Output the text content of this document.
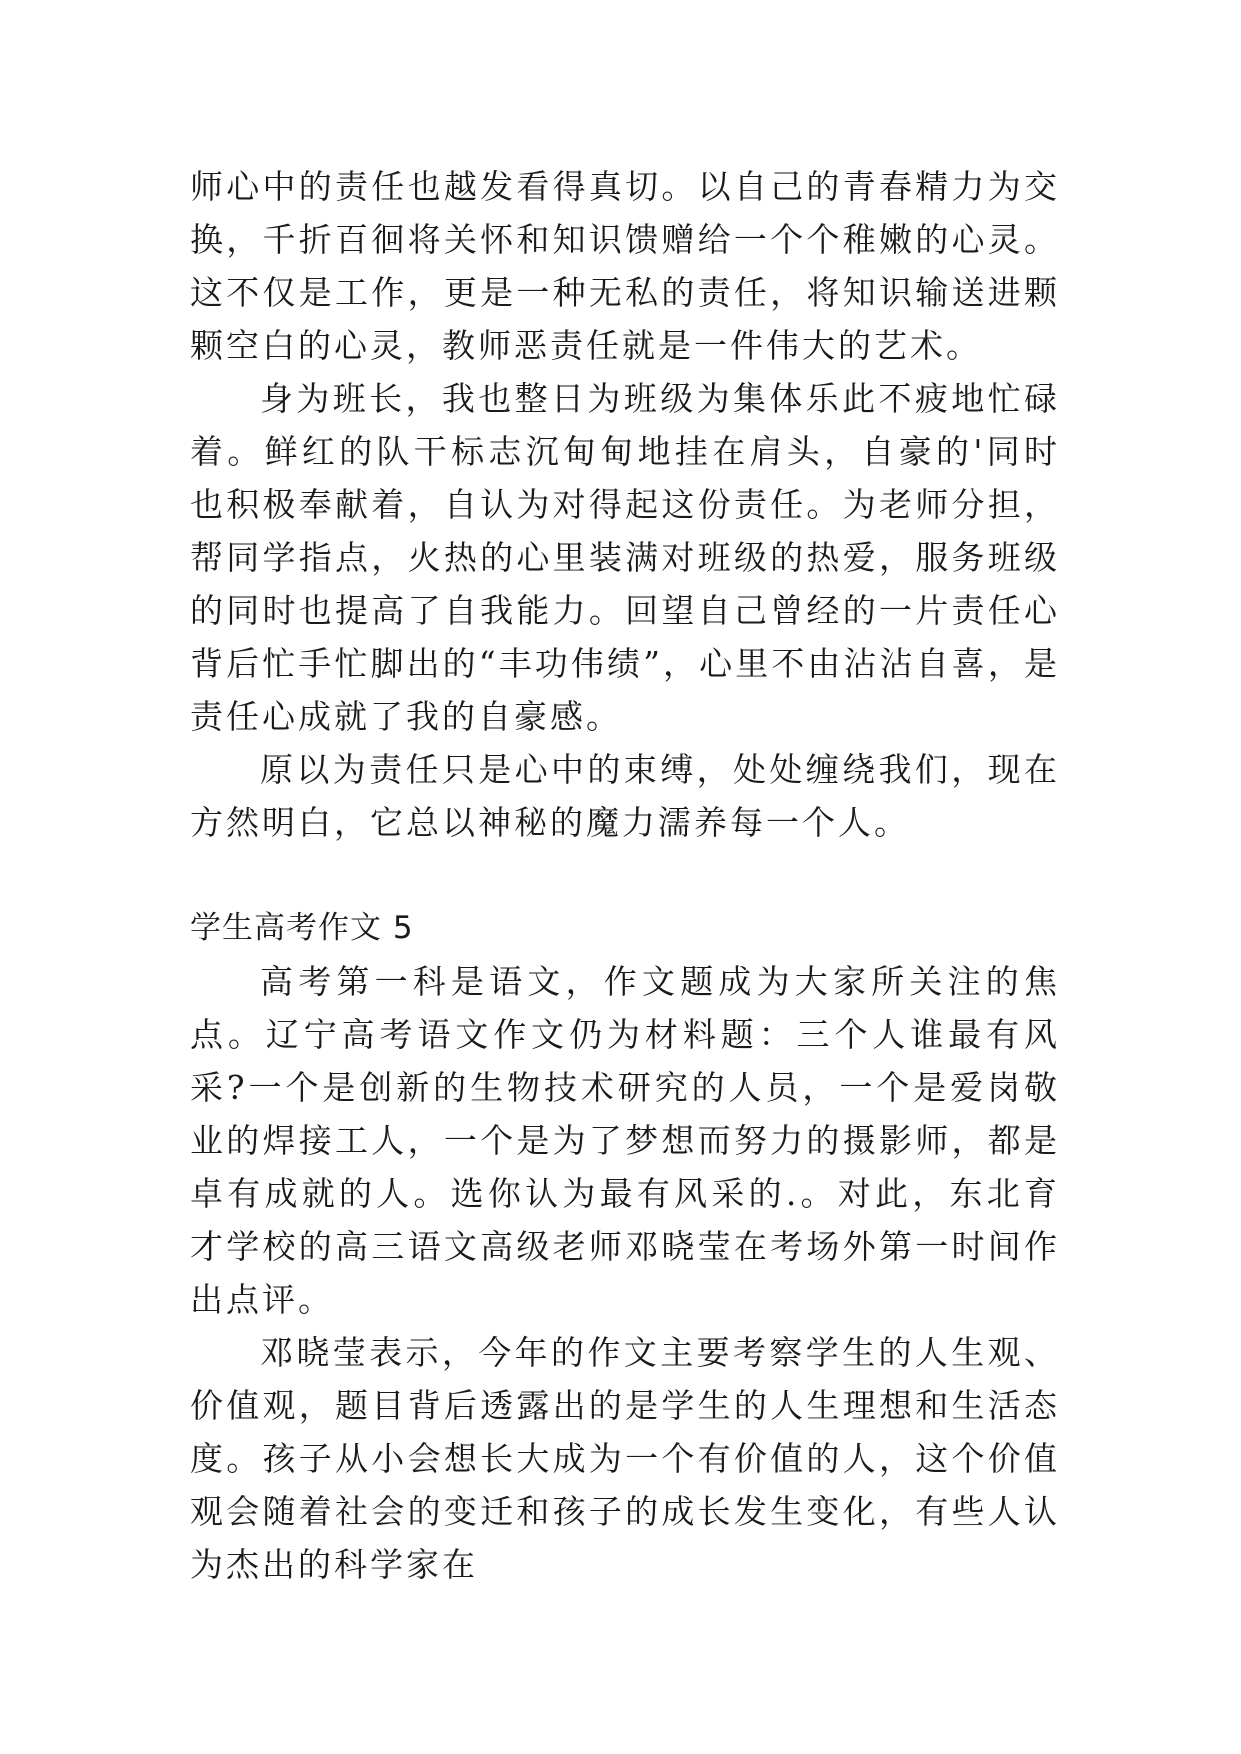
师心中的责任也越发看得真切。以自己的青春精力为交换，千折百徊将关怀和知识馈赠给一个个稚嫩的心灵。这不仅是工作，更是一种无私的责任，将知识输送进颗颗空白的心灵，教师恶责任就是一件伟大的艺术。

身为班长，我也整日为班级为集体乐此不疲地忙碌着。鲜红的队干标志沉甸甸地挂在肩头，自豪的'同时也积极奉献着，自认为对得起这份责任。为老师分担，帮同学指点，火热的心里装满对班级的热爱，服务班级的同时也提高了自我能力。回望自己曾经的一片责任心背后忙手忙脚出的“丰功伟绩”，心里不由沾沾自喜，是责任心成就了我的自豪感。

原以为责任只是心中的束缚，处处缠绕我们，现在方然明白，它总以神秘的魔力濡养每一个人。

学生高考作文 5

高考第一科是语文，作文题成为大家所关注的焦点。辽宁高考语文作文仍为材料题：三个人谁最有风采?一个是创新的生物技术研究的人员，一个是爱岗敬业的焊接工人，一个是为了梦想而努力的摄影师，都是卓有成就的人。选你认为最有风采的.。对此，东北育才学校的高三语文高级老师邓晓莹在考场外第一时间作出点评。

邓晓莹表示，今年的作文主要考察学生的人生观、价值观，题目背后透露出的是学生的人生理想和生活态度。孩子从小会想长大成为一个有价值的人，这个价值观会随着社会的变迁和孩子的成长发生变化，有些人认为杰出的科学家在
